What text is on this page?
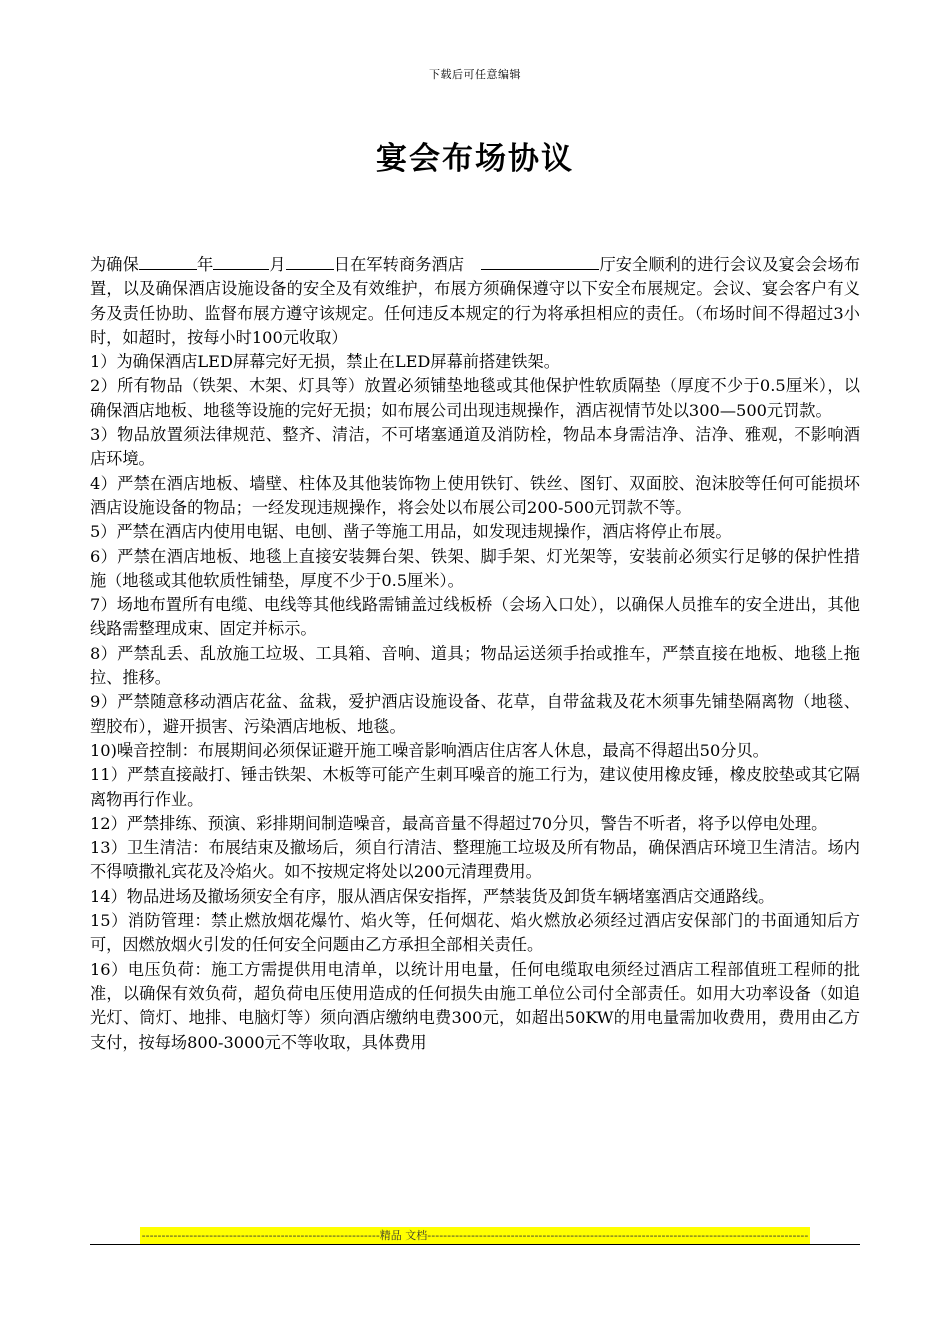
下载后可任意编辑
宴会布场协议

为确保	年	月	日在军转商务酒店	厅安全顺利的进行会议及宴会会场布置，以及确保酒店设施设备的安全及有效维护，布展方须确保遵守以下安全布展规定。会议、宴会客户有义务及责任协助、监督布展方遵守该规定。任何违反本规定的行为将承担相应的责任。（布场时间不得超过3小时，如超时，按每小时100元收取）

1）为确保酒店LED屏幕完好无损，禁止在LED屏幕前搭建铁架。

2）所有物品（铁架、木架、灯具等）放置必须铺垫地毯或其他保护性软质隔垫（厚度不少于0.5厘米），以确保酒店地板、地毯等设施的完好无损；如布展公司出现违规操作，酒店视情节处以300—500元罚款。

3）物品放置须法律规范、整齐、清洁，不可堵塞通道及消防栓，物品本身需洁净、洁净、雅观，不影响酒店环境。

4）严禁在酒店地板、墙壁、柱体及其他装饰物上使用铁钉、铁丝、图钉、双面胶、泡沫胶等任何可能损坏酒店设施设备的物品；一经发现违规操作，将会处以布展公司200-500元罚款不等。

5）严禁在酒店内使用电锯、电刨、凿子等施工用品，如发现违规操作，酒店将停止布展。

6）严禁在酒店地板、地毯上直接安装舞台架、铁架、脚手架、灯光架等，安装前必须实行足够的保护性措施（地毯或其他软质性铺垫，厚度不少于0.5厘米）。

7）场地布置所有电缆、电线等其他线路需铺盖过线板桥（会场入口处），以确保人员推车的安全进出，其他线路需整理成束、固定并标示。

8）严禁乱丢、乱放施工垃圾、工具箱、音响、道具；物品运送须手抬或推车，严禁直接在地板、地毯上拖拉、推移。

9）严禁随意移动酒店花盆、盆栽，爱护酒店设施设备、花草，自带盆栽及花木须事先铺垫隔离物（地毯、塑胶布），避开损害、污染酒店地板、地毯。

10)噪音控制：布展期间必须保证避开施工噪音影响酒店住店客人休息，最高不得超出50分贝。

11）严禁直接敲打、锤击铁架、木板等可能产生刺耳噪音的施工行为，建议使用橡皮锤，橡皮胶垫或其它隔离物再行作业。

12）严禁排练、预演、彩排期间制造噪音，最高音量不得超过70分贝，警告不听者，将予以停电处理。

13）卫生清洁：布展结束及撤场后，须自行清洁、整理施工垃圾及所有物品，确保酒店环境卫生清洁。场内不得喷撒礼宾花及冷焰火。如不按规定将处以200元清理费用。

14）物品进场及撤场须安全有序，服从酒店保安指挥，严禁装货及卸货车辆堵塞酒店交通路线。

15）消防管理：禁止燃放烟花爆竹、焰火等，任何烟花、焰火燃放必须经过酒店安保部门的书面通知后方可，因燃放烟火引发的任何安全问题由乙方承担全部相关责任。

16）电压负荷：施工方需提供用电清单，以统计用电量，任何电缆取电须经过酒店工程部值班工程师的批准，以确保有效负荷，超负荷电压使用造成的任何损失由施工单位公司付全部责任。如用大功率设备（如追光灯、筒灯、地排、电脑灯等）须向酒店缴纳电费300元，如超出50KW的用电量需加收费用，费用由乙方支付，按每场800-3000元不等收取，具体费用

------------------------------------------------------------精品 文档------------------------------------------------------------------------------------------------
